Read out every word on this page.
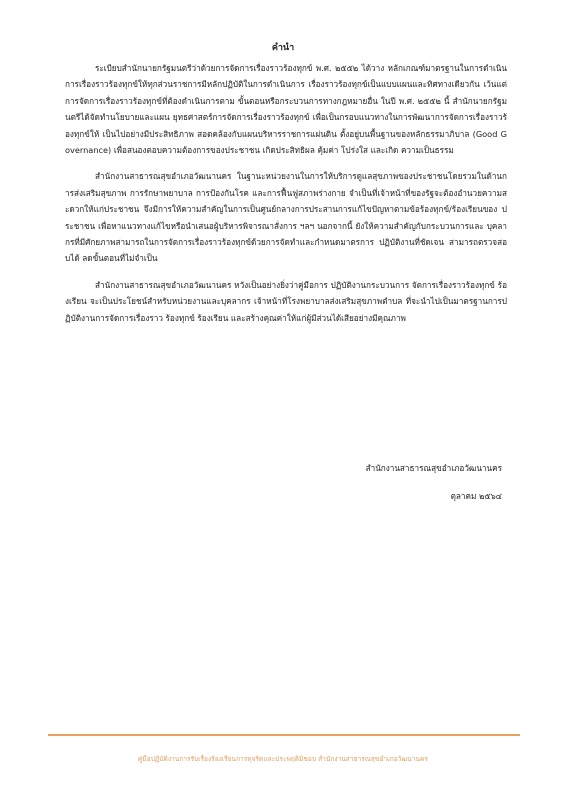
คำนำ

ระเบียบสำนักนายกรัฐมนตรีว่าด้วยการจัดการเรื่องราวร้องทุกข์ พ.ศ. ๒๕๕๒ ได้วาง หลักเกณฑ์มาตรฐานในการดำเนินการเรื่องราวร้องทุกข์ให้ทุกส่วนราชการมีหลักปฏิบัติในการดำเนินการ เรื่องราวร้องทุกข์เป็นแบบแผนและทิศทางเดียวกัน เว้นแต่การจัดการเรื่องราวร้องทุกข์ที่ต้องดำเนินการตาม ขั้นตอนหรือกระบวนการทางกฎหมายอื่น ในปี พ.ศ. ๒๕๕๒ นี้ สำนักนายกรัฐมนตรีได้จัดทำนโยบายและแผน ยุทธศาสตร์การจัดการเรื่องราวร้องทุกข์ เพื่อเป็นกรอบแนวทางในการพัฒนาการจัดการเรื่องราวร้องทุกข์ให้ เป็นไปอย่างมีประสิทธิภาพ สอดคล้องกับแผนบริหารราชการแผ่นดิน ตั้งอยู่บนพื้นฐานของหลักธรรมาภิบาล (Good Governance) เพื่อสนองตอบความต้องการของประชาชน เกิดประสิทธิผล คุ้มค่า โปร่งใส และเกิด ความเป็นธรรม

สำนักงานสาธารณสุขอำเภอวัฒนานคร ในฐานะหน่วยงานในการให้บริการดูแลสุขภาพของประชาชนโดยรวมในด้านการส่งเสริมสุขภาพ การรักษาพยาบาล การป้องกันโรค และการฟื้นฟูสภาพร่างกาย จำเป็นที่เจ้าหน้าที่ของรัฐจะต้องอำนวยความสะดวกให้แก่ประชาชน จึงมีการให้ความสำคัญในการเป็นศูนย์กลางการประสานการแก้ไขปัญหาตามข้อร้องทุกข์/ร้องเรียนของ ประชาชน เพื่อหาแนวทางแก้ไขหรือนำเสนอผู้บริหารพิจารณาสั่งการ ฯลฯ นอกจากนี้ ยังให้ความสำคัญกับกระบวนการและ บุคลากรที่มีศักยภาพสามารถในการจัดการเรื่องราวร้องทุกข์ด้วยการจัดทำและกำหนดมาตรการ ปฏิบัติงานที่ชัดเจน สามารถตรวจสอบได้ ลดขั้นตอนที่ไม่จำเป็น

สำนักงานสาธารณสุขอำเภอวัฒนานคร หวังเป็นอย่างยิ่งว่าคู่มือการ ปฏิบัติงานกระบวนการ จัดการเรื่องราวร้องทุกข์ ร้องเรียน จะเป็นประโยชน์สำหรับหน่วยงานและบุคลากร เจ้าหน้าที่โรงพยาบาลส่งเสริมสุขภาพตำบล ที่จะนำไปเป็นมาตรฐานการปฏิบัติงานการจัดการเรื่องราว ร้องทุกข์ ร้องเรียน และสร้างคุณค่าให้แก่ผู้มีส่วนได้เสียอย่างมีคุณภาพ

สำนักงานสาธารณสุขอำเภอวัฒนานคร
ตุลาคม ๒๕๖๔
คู่มือปฏิบัติงานการรับเรื่องร้องเรียนการทุจริตและประพฤติมิชอบ สำนักงานสาธารณสุขอำเภอวัฒนานคร
